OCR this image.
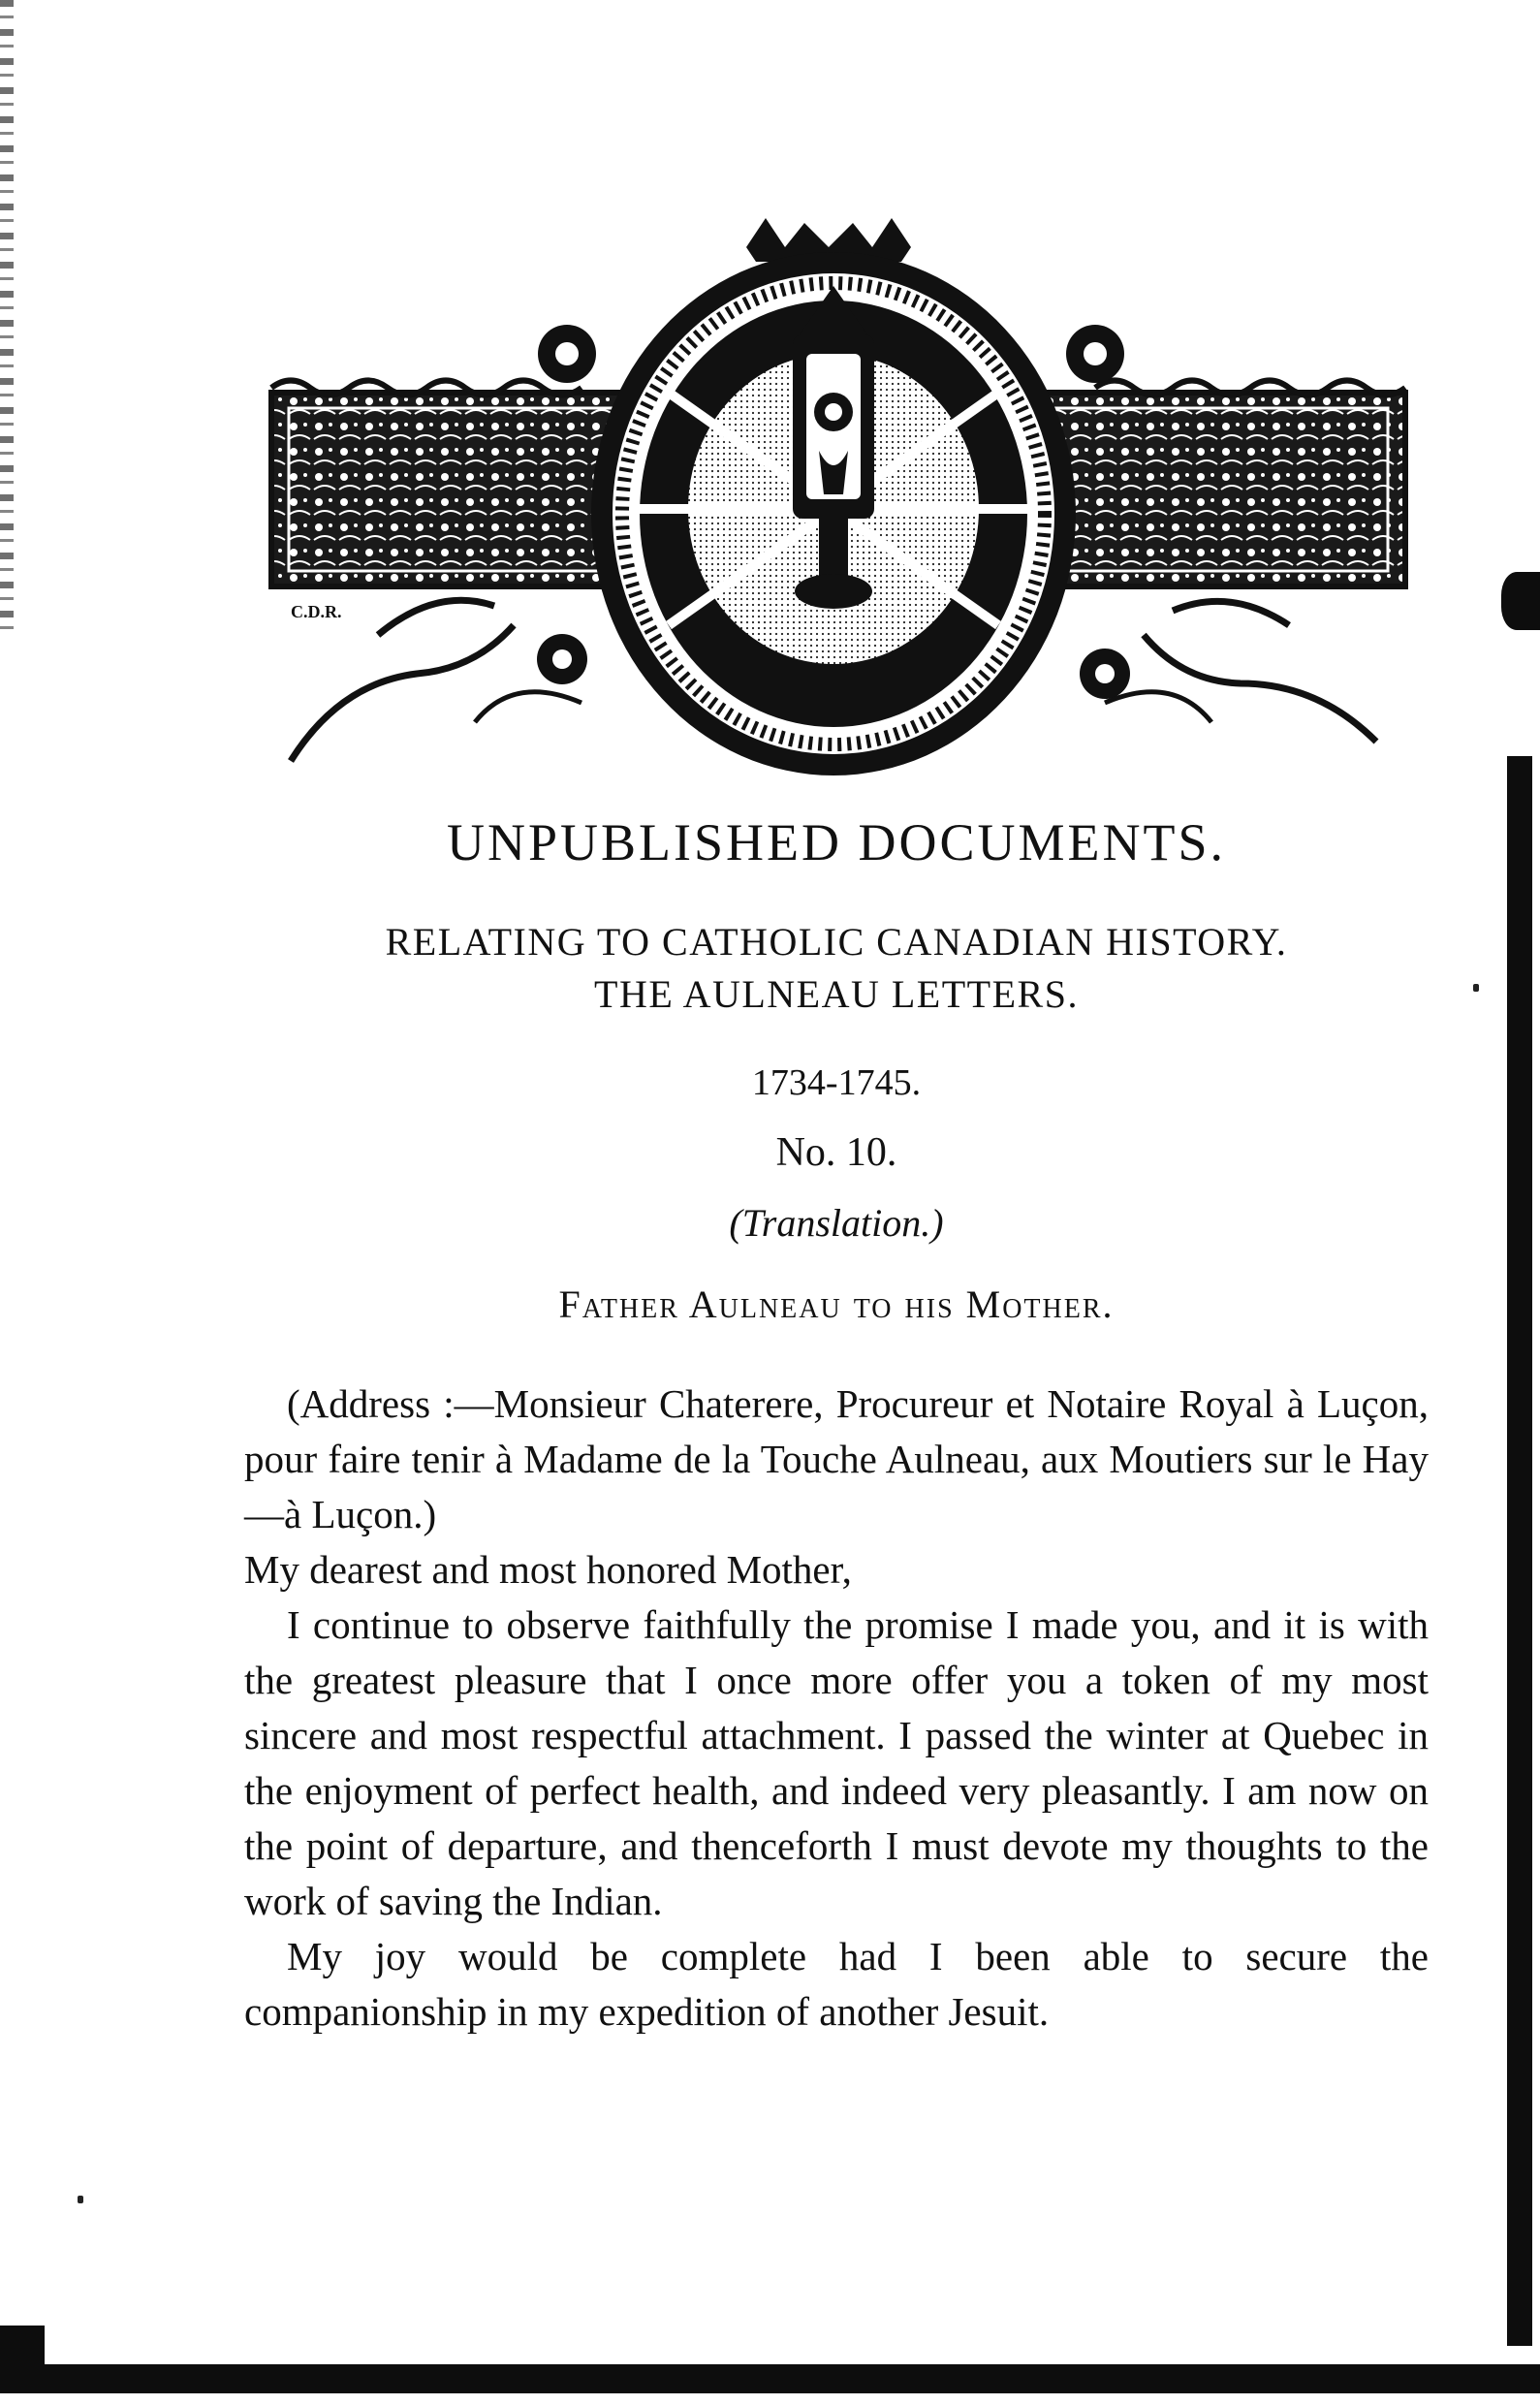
C.D.R.
UNPUBLISHED DOCUMENTS.
RELATING TO CATHOLIC CANADIAN HISTORY.
THE AULNEAU LETTERS.
1734-1745.
No. 10.
(Translation.)
Father Aulneau to his Mother.

(Address :—Monsieur Chaterere, Procureur et Notaire Royal à Luçon, pour faire tenir à Madame de la Touche Aulneau, aux Moutiers sur le Hay—à Luçon.)

My dearest and most honored Mother,

I continue to observe faithfully the promise I made you, and it is with the greatest pleasure that I once more offer you a token of my most sincere and most respectful attachment. I passed the winter at Quebec in the enjoyment of perfect health, and indeed very pleasantly. I am now on the point of departure, and thenceforth I must devote my thoughts to the work of saving the Indian.

My joy would be complete had I been able to secure the companionship in my expedition of another Jesuit.
